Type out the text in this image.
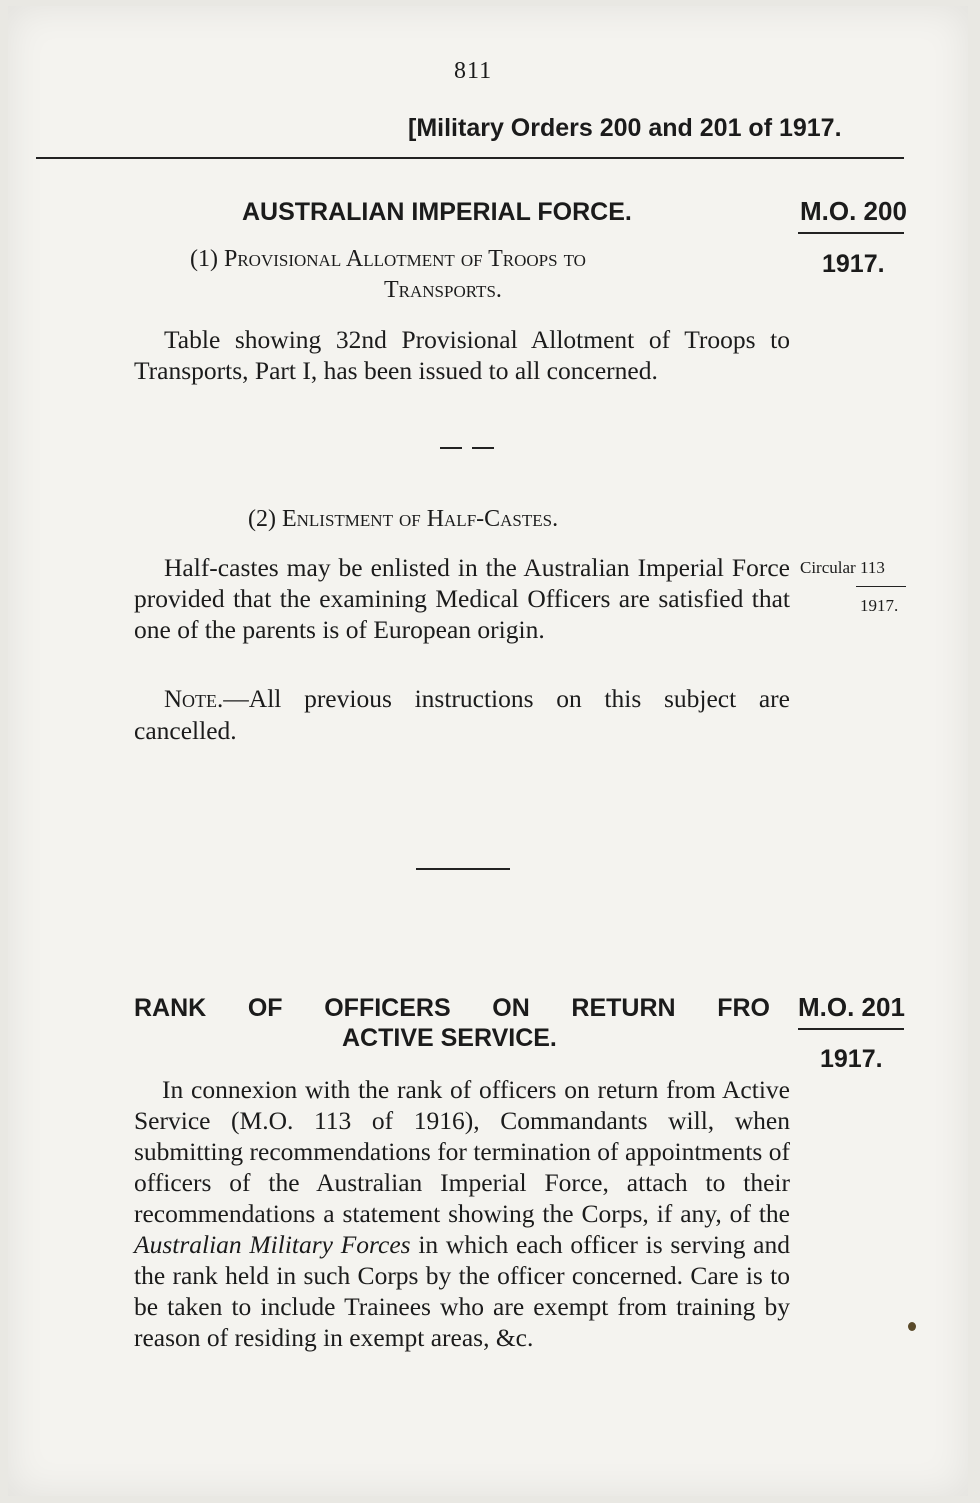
811
[Military Orders 200 and 201 of 1917.
AUSTRALIAN IMPERIAL FORCE.	M.O. 200
1917.
(1) Provisional Allotment of Troops to
Transports.

Table showing 32nd Provisional Allotment of Troops to Transports, Part I, has been issued to all concerned.

(2) Enlistment of Half-Castes.
Circular 113
1917.

Half-castes may be enlisted in the Australian Imperial Force provided that the examining Medical Officers are satisfied that one of the parents is of European origin.

Note.—All previous instructions on this subject are cancelled.

RANK OF OFFICERS ON RETURN FRO
ACTIVE SERVICE.
M.O. 201
1917.

In connexion with the rank of officers on return from Active Service (M.O. 113 of 1916), Commandants will, when submitting recommendations for termination of appointments of officers of the Australian Imperial Force, attach to their recommendations a statement showing the Corps, if any, of the Australian Military Forces in which each officer is serving and the rank held in such Corps by the officer concerned. Care is to be taken to include Trainees who are exempt from training by reason of residing in exempt areas, &c.
